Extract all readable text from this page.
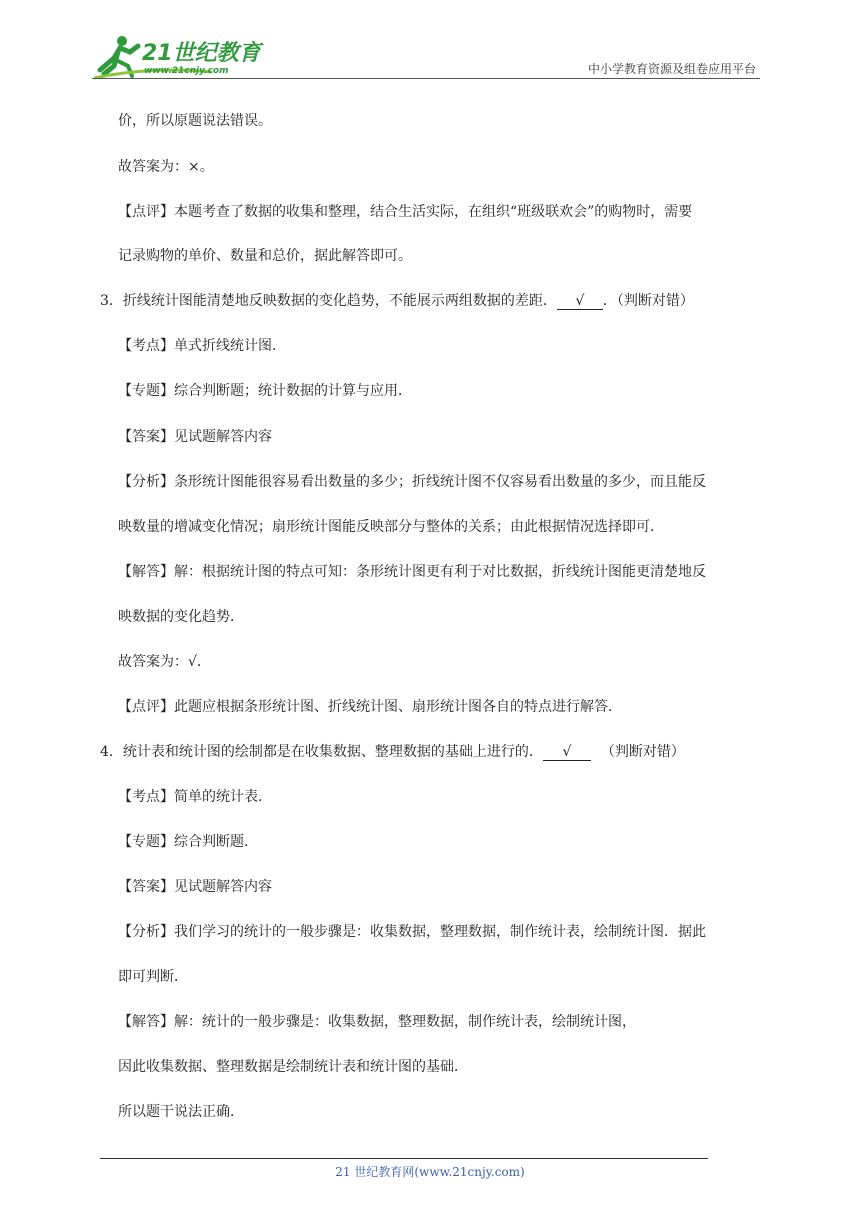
21世纪教育
www.21cnjy.com	中小学教育资源及组卷应用平台
价，所以原题说法错误。
故答案为：×。
【点评】本题考查了数据的收集和整理，结合生活实际，在组织“班级联欢会”的购物时，需要
记录购物的单价、数量和总价，据此解答即可。
3．折线统计图能清楚地反映数据的变化趋势，不能展示两组数据的差距． √ ．（判断对错）
【考点】单式折线统计图．
【专题】综合判断题；统计数据的计算与应用．
【答案】见试题解答内容
【分析】条形统计图能很容易看出数量的多少；折线统计图不仅容易看出数量的多少，而且能反
映数量的增减变化情况；扇形统计图能反映部分与整体的关系；由此根据情况选择即可．
【解答】解：根据统计图的特点可知：条形统计图更有利于对比数据，折线统计图能更清楚地反
映数据的变化趋势．
故答案为：√．
【点评】此题应根据条形统计图、折线统计图、扇形统计图各自的特点进行解答．
4．统计表和统计图的绘制都是在收集数据、整理数据的基础上进行的． √ （判断对错）
【考点】简单的统计表．
【专题】综合判断题．
【答案】见试题解答内容
【分析】我们学习的统计的一般步骤是：收集数据，整理数据，制作统计表，绘制统计图．据此
即可判断．
【解答】解：统计的一般步骤是：收集数据，整理数据，制作统计表，绘制统计图，
因此收集数据、整理数据是绘制统计表和统计图的基础．
所以题干说法正确．
21 世纪教育网(www.21cnjy.com)
